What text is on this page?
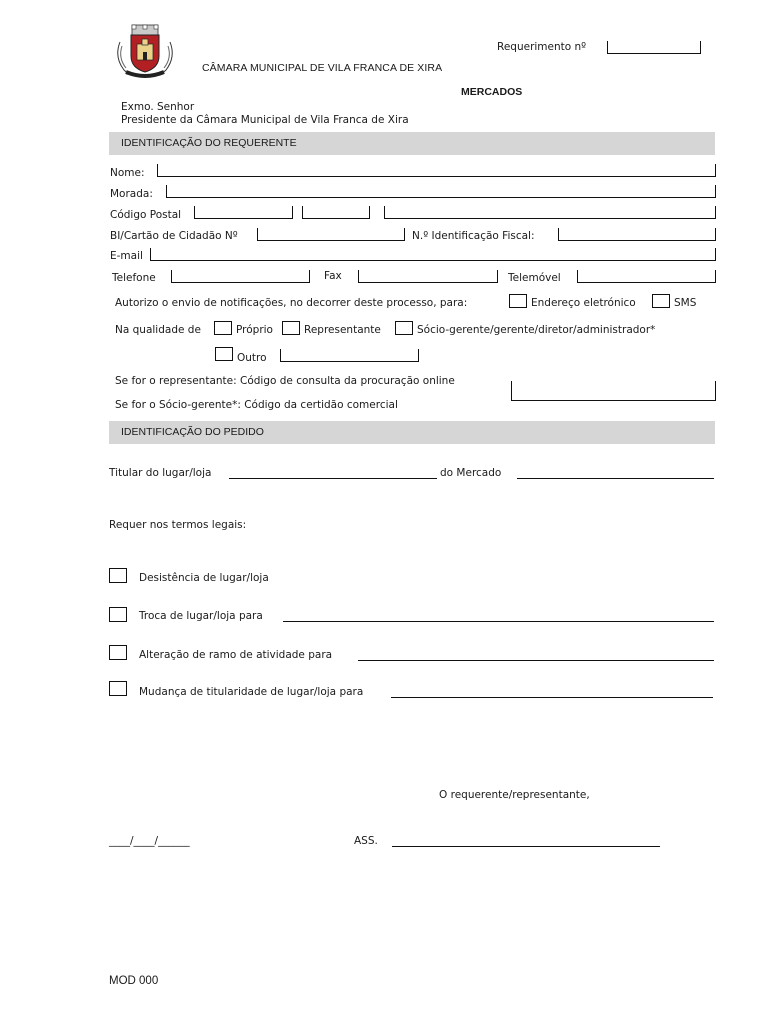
Requerimento nº
CÂMARA MUNICIPAL DE VILA FRANCA DE XIRA
MERCADOS
Exmo. Senhor
Presidente da Câmara Municipal de Vila Franca de Xira
IDENTIFICAÇÃO DO REQUERENTE
Nome:
Morada:
Código Postal
BI/Cartão de Cidadão Nº	N.º Identificação Fiscal:
E-mail
Telefone	Fax	Telemóvel
Autorizo o envio de notificações, no decorrer deste processo, para:	Endereço eletrónico	SMS
Na qualidade de	Próprio	Representante	Sócio-gerente/gerente/diretor/administrador*
Outro
Se for o representante: Código de consulta da procuração online
Se for o Sócio-gerente*: Código da certidão comercial
IDENTIFICAÇÃO DO PEDIDO
Titular do lugar/loja	do Mercado
Requer nos termos legais:
Desistência de lugar/loja
Troca de lugar/loja para
Alteração de ramo de atividade para
Mudança de titularidade de lugar/loja para
O requerente/representante,
____/____/______	ASS.
MOD 000
